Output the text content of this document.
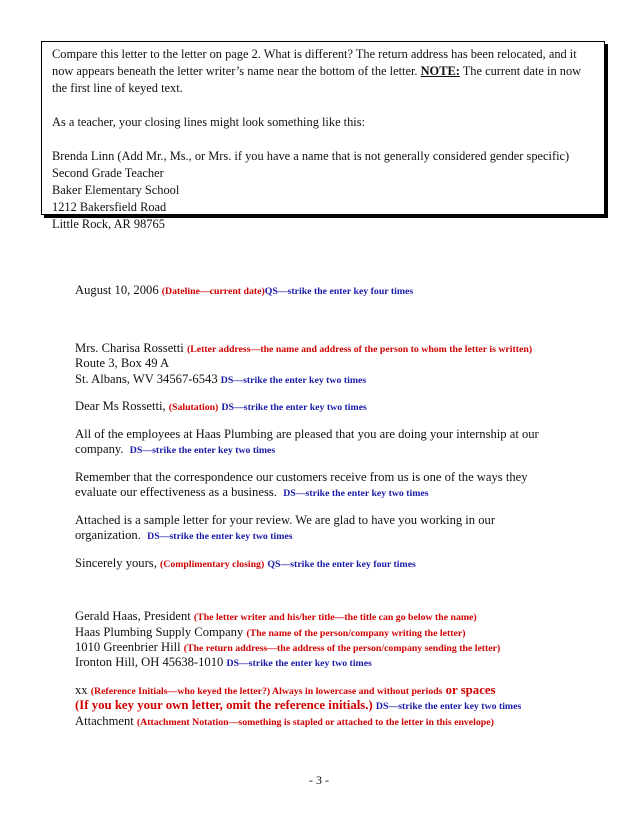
Compare this letter to the letter on page 2. What is different? The return address has been relocated, and it
now appears beneath the letter writer’s name near the bottom of the letter. NOTE: The current date in now
the first line of keyed text.

As a teacher, your closing lines might look something like this:

Brenda Linn (Add Mr., Ms., or Mrs. if you have a name that is not generally considered gender specific)

Second Grade Teacher

Baker Elementary School

1212 Bakersfield Road

Little Rock, AR 98765

August 10, 2006 (Dateline—current date)QS—strike the enter key four times
Mrs. Charisa Rossetti (Letter address—the name and address of the person to whom the letter is written)
Route 3, Box 49 A
St. Albans, WV 34567-6543 DS—strike the enter key two times
Dear Ms Rossetti, (Salutation) DS—strike the enter key two times
All of the employees at Haas Plumbing are pleased that you are doing your internship at our
company. DS—strike the enter key two times
Remember that the correspondence our customers receive from us is one of the ways they
evaluate our effectiveness as a business. DS—strike the enter key two times
Attached is a sample letter for your review. We are glad to have you working in our
organization. DS—strike the enter key two times
Sincerely yours, (Complimentary closing) QS—strike the enter key four times
Gerald Haas, President (The letter writer and his/her title—the title can go below the name)
Haas Plumbing Supply Company (The name of the person/company writing the letter)
1010 Greenbrier Hill (The return address—the address of the person/company sending the letter)
Ironton Hill, OH 45638-1010 DS—strike the enter key two times
xx (Reference Initials—who keyed the letter?) Always in lowercase and without periods or spaces
(If you key your own letter, omit the reference initials.) DS—strike the enter key two times
Attachment (Attachment Notation—something is stapled or attached to the letter in this envelope)
- 3 -
